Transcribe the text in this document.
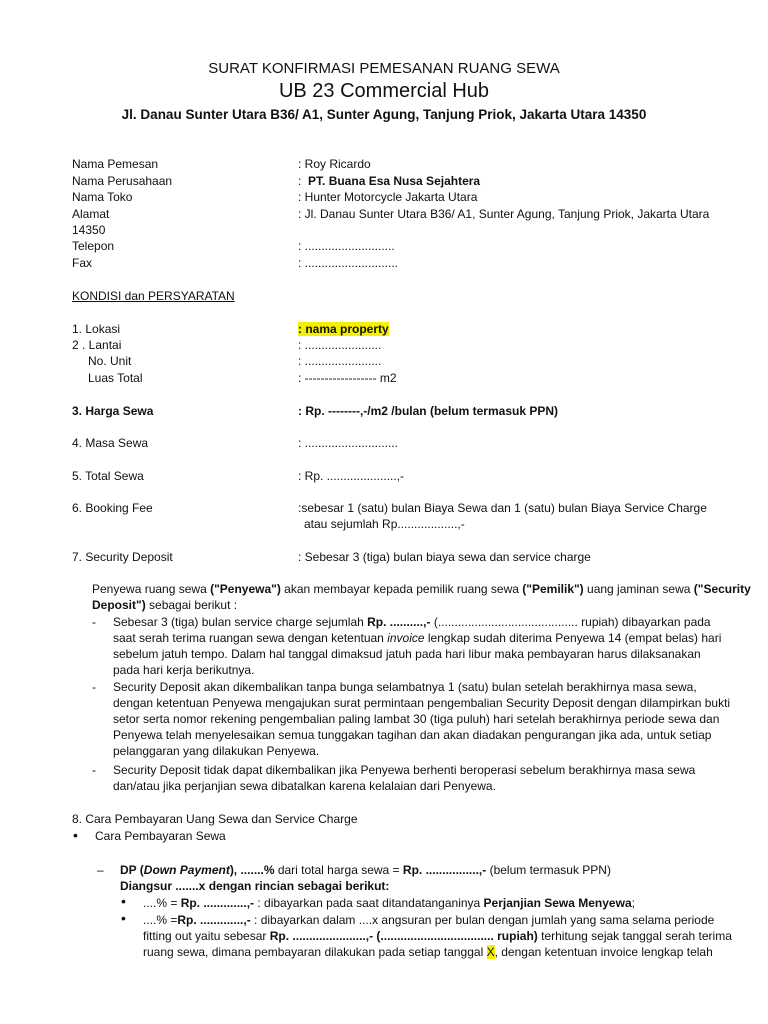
SURAT KONFIRMASI PEMESANAN RUANG SEWA
UB 23 Commercial Hub
Jl. Danau Sunter Utara B36/ A1, Sunter Agung, Tanjung Priok, Jakarta Utara 14350
Nama Pemesan	: Roy Ricardo
Nama Perusahaan	: PT. Buana Esa Nusa Sejahtera
Nama Toko	: Hunter Motorcycle Jakarta Utara
Alamat	: Jl. Danau Sunter Utara B36/ A1, Sunter Agung, Tanjung Priok, Jakarta Utara
14350
Telepon	: ...........................
Fax	: ............................
KONDISI dan PERSYARATAN
1. Lokasi	: nama property
2 . Lantai	: .......................
No. Unit	: .......................
Luas Total	: ------------------ m2
3. Harga Sewa	: Rp. --------,-/m2 /bulan (belum termasuk PPN)
4. Masa Sewa	: ............................
5. Total Sewa	: Rp. .....................,-
6. Booking Fee	:sebesar 1 (satu) bulan Biaya Sewa dan 1 (satu) bulan Biaya Service Charge
atau sejumlah Rp..................,-
7. Security Deposit	: Sebesar 3 (tiga) bulan biaya sewa dan service charge
Penyewa ruang sewa ("Penyewa") akan membayar kepada pemilik ruang sewa ("Pemilik") uang jaminan sewa ("Security
Deposit") sebagai berikut :
- Sebesar 3 (tiga) bulan service charge sejumlah Rp. ..........,- (.......................................... rupiah) dibayarkan pada
saat serah terima ruangan sewa dengan ketentuan invoice lengkap sudah diterima Penyewa 14 (empat belas) hari
sebelum jatuh tempo. Dalam hal tanggal dimaksud jatuh pada hari libur maka pembayaran harus dilaksanakan
pada hari kerja berikutnya.
- Security Deposit akan dikembalikan tanpa bunga selambatnya 1 (satu) bulan setelah berakhirnya masa sewa,
dengan ketentuan Penyewa mengajukan surat permintaan pengembalian Security Deposit dengan dilampirkan bukti
setor serta nomor rekening pengembalian paling lambat 30 (tiga puluh) hari setelah berakhirnya periode sewa dan
Penyewa telah menyelesaikan semua tunggakan tagihan dan akan diadakan pengurangan jika ada, untuk setiap
pelanggaran yang dilakukan Penyewa.
- Security Deposit tidak dapat dikembalikan jika Penyewa berhenti beroperasi sebelum berakhirnya masa sewa
dan/atau jika perjanjian sewa dibatalkan karena kelalaian dari Penyewa.
8. Cara Pembayaran Uang Sewa dan Service Charge
• Cara Pembayaran Sewa
– DP (Down Payment), .......% dari total harga sewa = Rp. ................,- (belum termasuk PPN)
Diangsur .......x dengan rincian sebagai berikut:
• ....% = Rp. .............,- : dibayarkan pada saat ditandatanganinya Perjanjian Sewa Menyewa;
• ....% =Rp. .............,- : dibayarkan dalam ....x angsuran per bulan dengan jumlah yang sama selama periode
fitting out yaitu sebesar Rp. ......................,- (.................................. rupiah) terhitung sejak tanggal serah terima
ruang sewa, dimana pembayaran dilakukan pada setiap tanggal X, dengan ketentuan invoice lengkap telah
